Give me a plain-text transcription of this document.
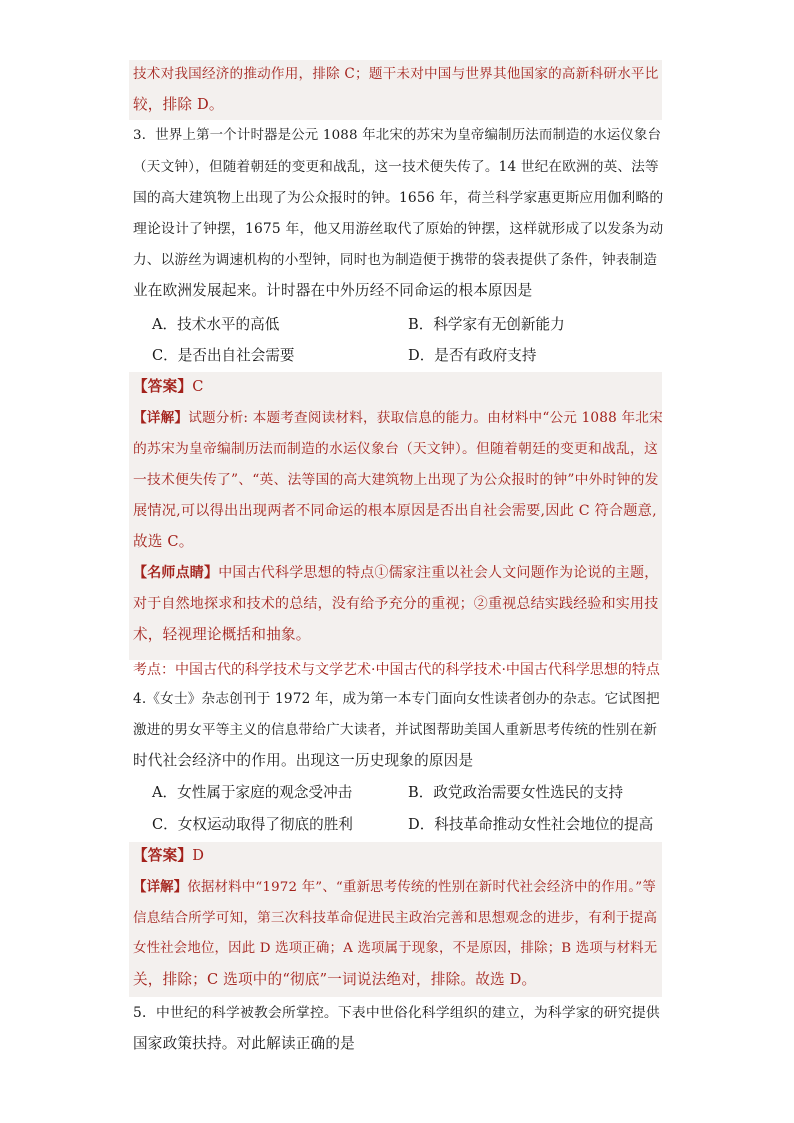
技术对我国经济的推动作用，排除 C；题干未对中国与世界其他国家的高新科研水平比
较，排除 D。
3．世界上第一个计时器是公元 1088 年北宋的苏宋为皇帝编制历法而制造的水运仪象台
（天文钟），但随着朝廷的变更和战乱，这一技术便失传了。14 世纪在欧洲的英、法等
国的高大建筑物上出现了为公众报时的钟。1656 年，荷兰科学家惠更斯应用伽利略的
理论设计了钟摆，1675 年，他又用游丝取代了原始的钟摆，这样就形成了以发条为动
力、以游丝为调速机构的小型钟，同时也为制造便于携带的袋表提供了条件，钟表制造
业在欧洲发展起来。计时器在中外历经不同命运的根本原因是
A．技术水平的高低	B．科学家有无创新能力
C．是否出自社会需要	D．是否有政府支持
【答案】C
【详解】试题分析: 本题考查阅读材料，获取信息的能力。由材料中“公元 1088 年北宋
的苏宋为皇帝编制历法而制造的水运仪象台（天文钟）。但随着朝廷的变更和战乱，这
一技术便失传了”、“英、法等国的高大建筑物上出现了为公众报时的钟”中外时钟的发
展情况,可以得出出现两者不同命运的根本原因是否出自社会需要,因此 C 符合题意,
故选 C。
【名师点睛】中国古代科学思想的特点①儒家注重以社会人文问题作为论说的主题，
对于自然地探求和技术的总结，没有给予充分的重视；②重视总结实践经验和实用技
术，轻视理论概括和抽象。
考点：中国古代的科学技术与文学艺术·中国古代的科学技术·中国古代科学思想的特点
4.《女士》杂志创刊于 1972 年，成为第一本专门面向女性读者创办的杂志。它试图把
激进的男女平等主义的信息带给广大读者，并试图帮助美国人重新思考传统的性别在新
时代社会经济中的作用。出现这一历史现象的原因是
A．女性属于家庭的观念受冲击	B．政党政治需要女性选民的支持
C．女权运动取得了彻底的胜利	D．科技革命推动女性社会地位的提高
【答案】D
【详解】依据材料中“1972 年”、“重新思考传统的性别在新时代社会经济中的作用。”等
信息结合所学可知，第三次科技革命促进民主政治完善和思想观念的进步，有利于提高
女性社会地位，因此 D 选项正确；A 选项属于现象，不是原因，排除；B 选项与材料无
关，排除；C 选项中的“彻底”一词说法绝对，排除。故选 D。
5．中世纪的科学被教会所掌控。下表中世俗化科学组织的建立，为科学家的研究提供
国家政策扶持。对此解读正确的是
